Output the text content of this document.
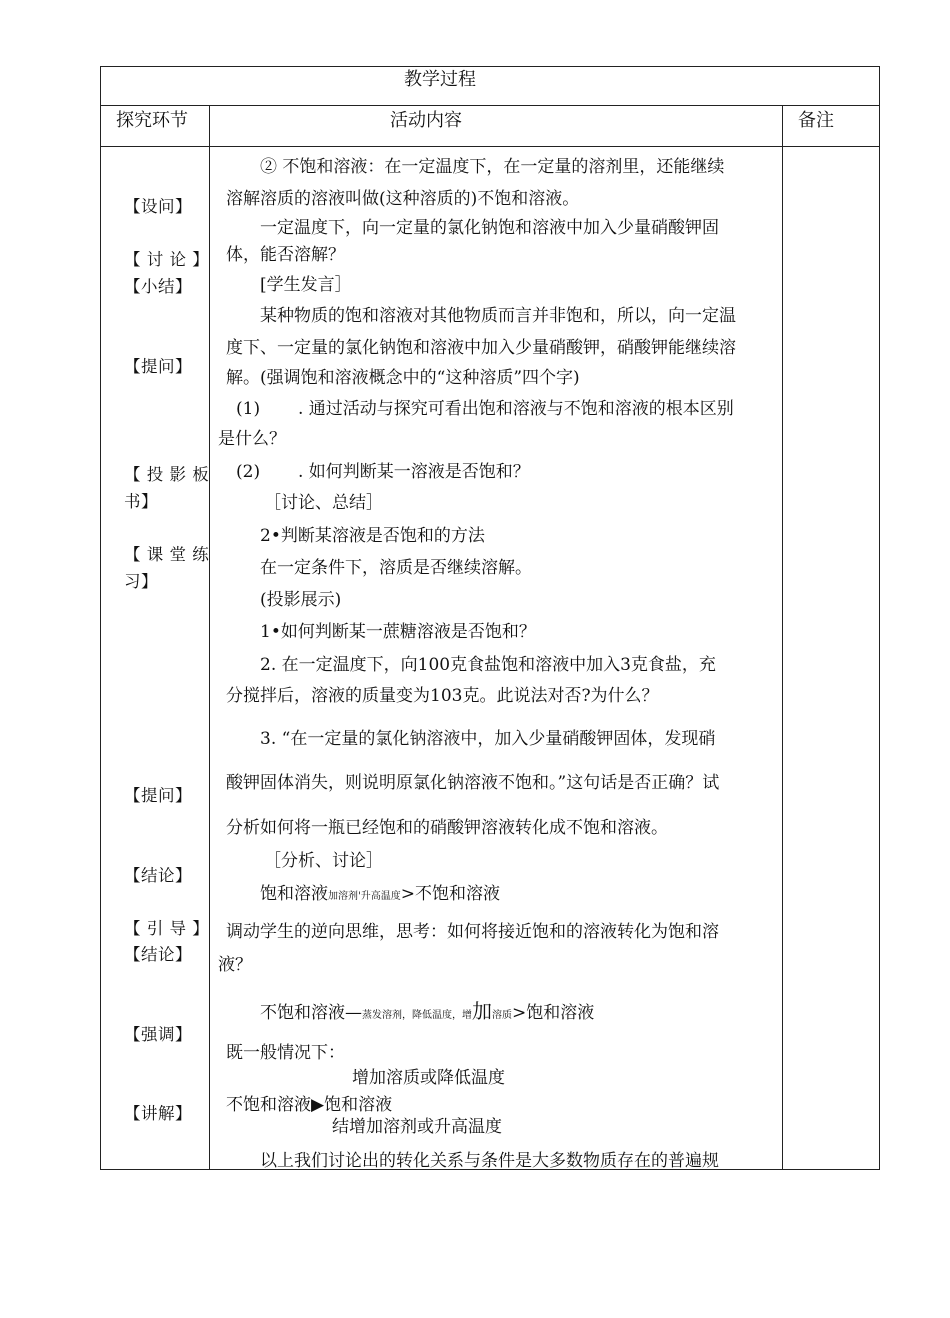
教学过程
探究环节	活动内容	备注
【设问】
【 讨 论 】
【小结】
【提问】
【 投 影 板
书】
【 课 堂 练
习】
【提问】
【结论】
【 引 导 】
【结论】
【强调】
【讲解】
② 不饱和溶液：在一定温度下，在一定量的溶剂里，还能继续
溶解溶质的溶液叫做(这种溶质的)不饱和溶液。
一定温度下，向一定量的氯化钠饱和溶液中加入少量硝酸钾固
体，能否溶解？
[学生发言］
某种物质的饱和溶液对其他物质而言并非饱和，所以，向一定温
度下、一定量的氯化钠饱和溶液中加入少量硝酸钾，硝酸钾能继续溶
解。(强调饱和溶液概念中的“这种溶质”四个字)
(1) . 通过活动与探究可看出饱和溶液与不饱和溶液的根本区别
是什么？
(2) . 如何判断某一溶液是否饱和？
［讨论、总结］
2•判断某溶液是否饱和的方法
在一定条件下，溶质是否继续溶解。
(投影展示)
1•如何判断某一蔗糖溶液是否饱和？
2. 在一定温度下，向100克食盐饱和溶液中加入3克食盐，充
分搅拌后，溶液的质量变为103克。此说法对否?为什么？
3. “在一定量的氯化钠溶液中，加入少量硝酸钾固体，发现硝
酸钾固体消失，则说明原氯化钠溶液不饱和。”这句话是否正确？试
分析如何将一瓶已经饱和的硝酸钾溶液转化成不饱和溶液。
［分析、讨论］
饱和溶液加溶剂'升高温度>不饱和溶液
调动学生的逆向思维，思考：如何将接近饱和的溶液转化为饱和溶
液？
不饱和溶液—蒸发溶剂，降低温度，增加溶质>饱和溶液
既一般情况下：
增加溶质或降低温度
不饱和溶液▶饱和溶液
结增加溶剂或升高温度
以上我们讨论出的转化关系与条件是大多数物质存在的普遍规
